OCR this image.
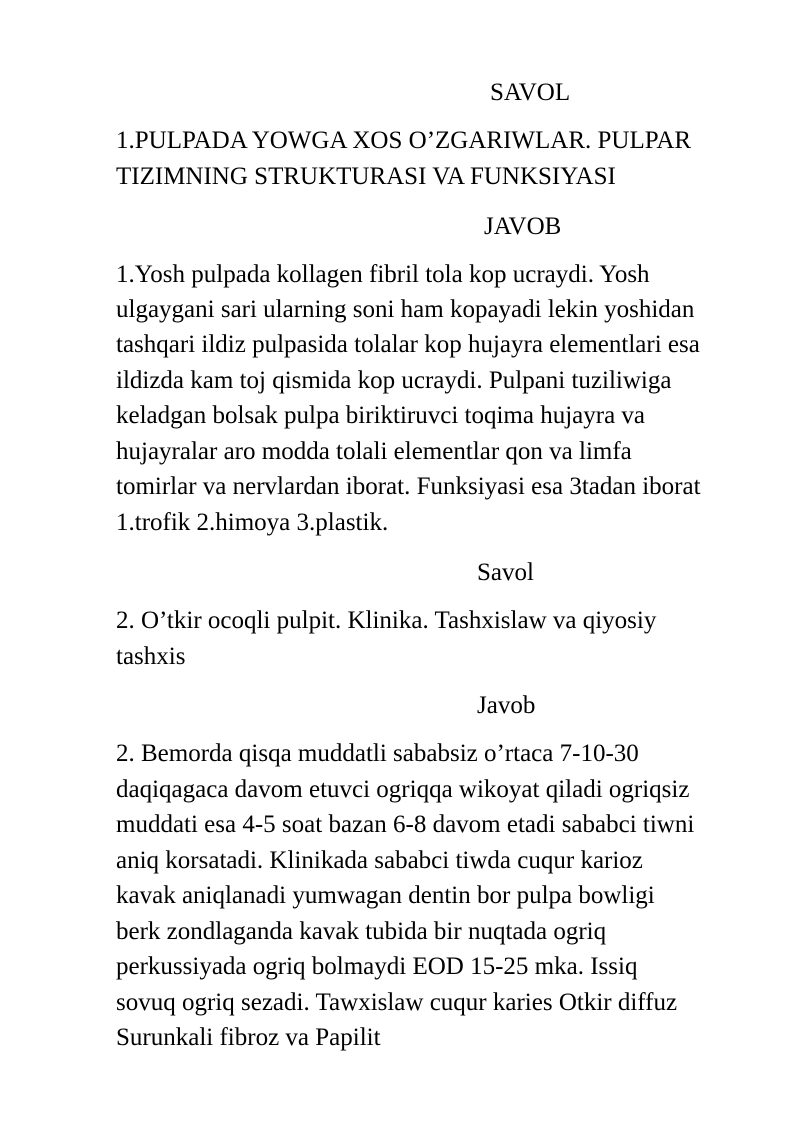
SAVOL

1.PULPADA YOWGA XOS O’ZGARIWLAR. PULPAR

TIZIMNING STRUKTURASI VA FUNKSIYASI

JAVOB

1.Yosh pulpada kollagen fibril tola kop ucraydi. Yosh

ulgaygani sari ularning soni ham kopayadi lekin yoshidan

tashqari ildiz pulpasida tolalar kop hujayra elementlari esa

ildizda kam toj qismida kop ucraydi. Pulpani tuziliwiga

keladgan bolsak pulpa biriktiruvci toqima hujayra va

hujayralar aro modda tolali elementlar qon va limfa

tomirlar va nervlardan iborat. Funksiyasi esa 3tadan iborat

1.trofik 2.himoya 3.plastik.

Savol

2. O’tkir ocoqli pulpit. Klinika. Tashxislaw va qiyosiy

tashxis

Javob

2. Bemorda qisqa muddatli sababsiz o’rtaca 7-10-30

daqiqagaca davom etuvci ogriqqa wikoyat qiladi ogriqsiz

muddati esa 4-5 soat bazan 6-8 davom etadi sababci tiwni

aniq korsatadi. Klinikada sababci tiwda cuqur karioz

kavak aniqlanadi yumwagan dentin bor pulpa bowligi

berk zondlaganda kavak tubida bir nuqtada ogriq

perkussiyada ogriq bolmaydi EOD 15-25 mka. Issiq

sovuq ogriq sezadi. Tawxislaw cuqur karies Otkir diffuz

Surunkali fibroz va Papilit
